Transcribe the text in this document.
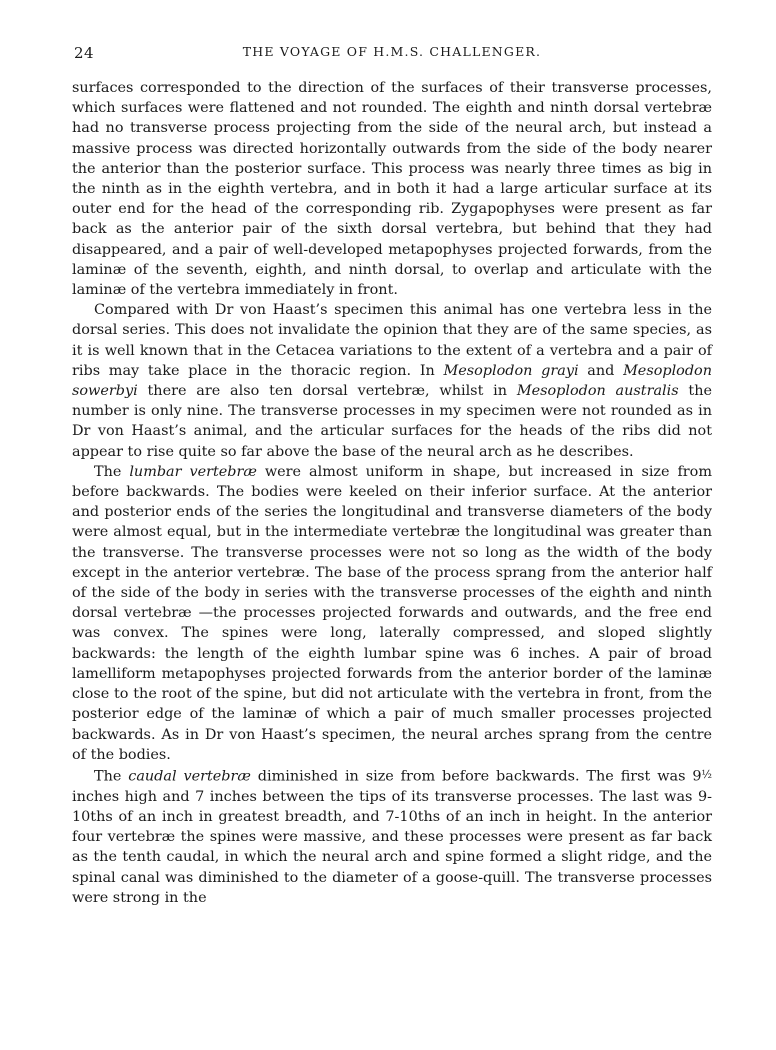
24	THE VOYAGE OF H.M.S. CHALLENGER.

surfaces corresponded to the direction of the surfaces of their transverse processes, which surfaces were flattened and not rounded. The eighth and ninth dorsal vertebræ had no transverse process projecting from the side of the neural arch, but instead a massive process was directed horizontally outwards from the side of the body nearer the anterior than the posterior surface. This process was nearly three times as big in the ninth as in the eighth vertebra, and in both it had a large articular surface at its outer end for the head of the corresponding rib. Zygapophyses were present as far back as the anterior pair of the sixth dorsal vertebra, but behind that they had disappeared, and a pair of well-developed metapophyses projected forwards, from the laminæ of the seventh, eighth, and ninth dorsal, to overlap and articulate with the laminæ of the vertebra immediately in front.

Compared with Dr von Haast’s specimen this animal has one vertebra less in the dorsal series. This does not invalidate the opinion that they are of the same species, as it is well known that in the Cetacea variations to the extent of a vertebra and a pair of ribs may take place in the thoracic region. In Mesoplodon grayi and Mesoplodon sowerbyi there are also ten dorsal vertebræ, whilst in Mesoplodon australis the number is only nine. The transverse processes in my specimen were not rounded as in Dr von Haast’s animal, and the articular surfaces for the heads of the ribs did not appear to rise quite so far above the base of the neural arch as he describes.

The lumbar vertebræ were almost uniform in shape, but increased in size from before backwards. The bodies were keeled on their inferior surface. At the anterior and posterior ends of the series the longitudinal and transverse diameters of the body were almost equal, but in the intermediate vertebræ the longitudinal was greater than the transverse. The transverse processes were not so long as the width of the body except in the anterior vertebræ. The base of the process sprang from the anterior half of the side of the body in series with the transverse processes of the eighth and ninth dorsal vertebræ —the processes projected forwards and outwards, and the free end was convex. The spines were long, laterally compressed, and sloped slightly backwards: the length of the eighth lumbar spine was 6 inches. A pair of broad lamelliform metapophyses projected forwards from the anterior border of the laminæ close to the root of the spine, but did not articulate with the vertebra in front, from the posterior edge of the laminæ of which a pair of much smaller processes projected backwards. As in Dr von Haast’s specimen, the neural arches sprang from the centre of the bodies.

The caudal vertebræ diminished in size from before backwards. The first was 9½ inches high and 7 inches between the tips of its transverse processes. The last was 9-10ths of an inch in greatest breadth, and 7-10ths of an inch in height. In the anterior four vertebræ the spines were massive, and these processes were present as far back as the tenth caudal, in which the neural arch and spine formed a slight ridge, and the spinal canal was diminished to the diameter of a goose-quill. The transverse processes were strong in the
